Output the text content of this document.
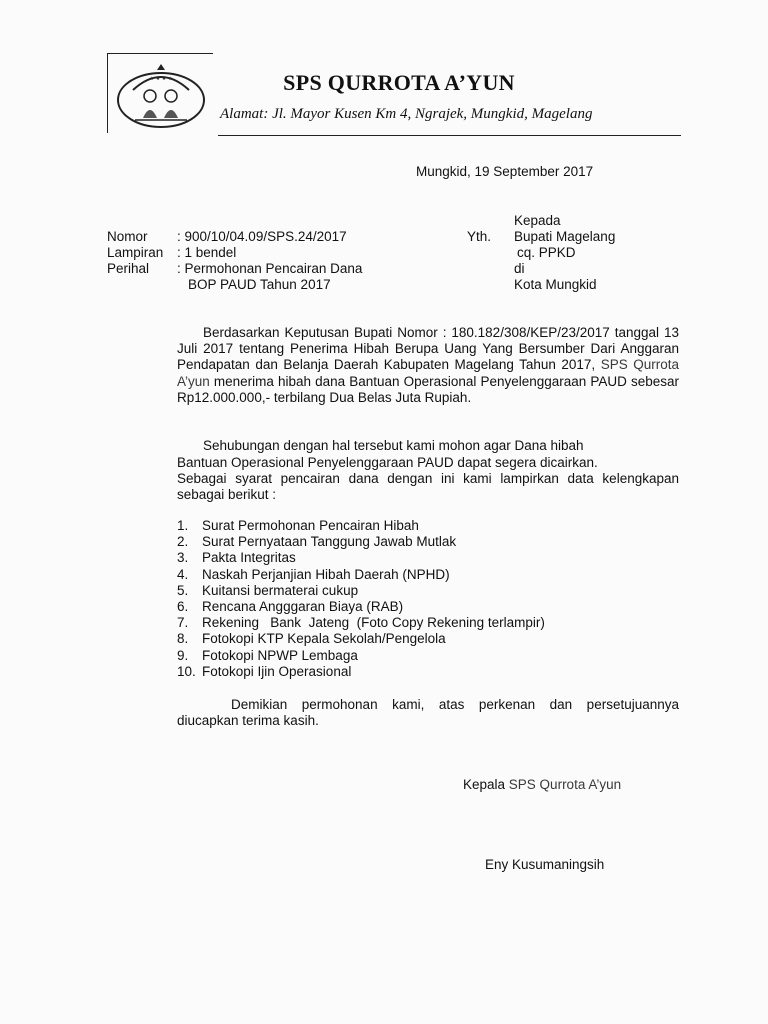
★ ★ ★ ★	SPS QURROTA A’YUN
Alamat: Jl. Mayor Kusen Km 4, Ngrajek, Mungkid, Magelang
Mungkid, 19 September 2017
Kepada
Yth. Bupati Magelang
cq. PPKD
di
Kota Mungkid
Nomor : 900/10/04.09/SPS.24/2017
Lampiran : 1 bendel
Perihal : Permohonan Pencairan Dana
BOP PAUD Tahun 2017
Berdasarkan Keputusan Bupati Nomor : 180.182/308/KEP/23/2017 tanggal 13 Juli 2017 tentang Penerima Hibah Berupa Uang Yang Bersumber Dari Anggaran Pendapatan dan Belanja Daerah Kabupaten Magelang Tahun 2017, SPS Qurrota A’yun menerima hibah dana Bantuan Operasional Penyelenggaraan PAUD sebesar Rp12.000.000,- terbilang Dua Belas Juta Rupiah.
Sehubungan dengan hal tersebut kami mohon agar Dana hibah
Bantuan Operasional Penyelenggaraan PAUD dapat segera dicairkan.
Sebagai syarat pencairan dana dengan ini kami lampirkan data kelengkapan sebagai berikut :
1.	Surat Permohonan Pencairan Hibah
2.	Surat Pernyataan Tanggung Jawab Mutlak
3.	Pakta Integritas
4.	Naskah Perjanjian Hibah Daerah (NPHD)
5.	Kuitansi bermaterai cukup
6.	Rencana Angggaran Biaya (RAB)
7.	Rekening   Bank  Jateng  (Foto Copy Rekening terlampir)
8.	Fotokopi KTP Kepala Sekolah/Pengelola
9.	Fotokopi NPWP Lembaga
10. Fotokopi Ijin Operasional
Demikian permohonan kami, atas perkenan dan persetujuannya diucapkan terima kasih.
Kepala SPS Qurrota A’yun
Eny Kusumaningsih
